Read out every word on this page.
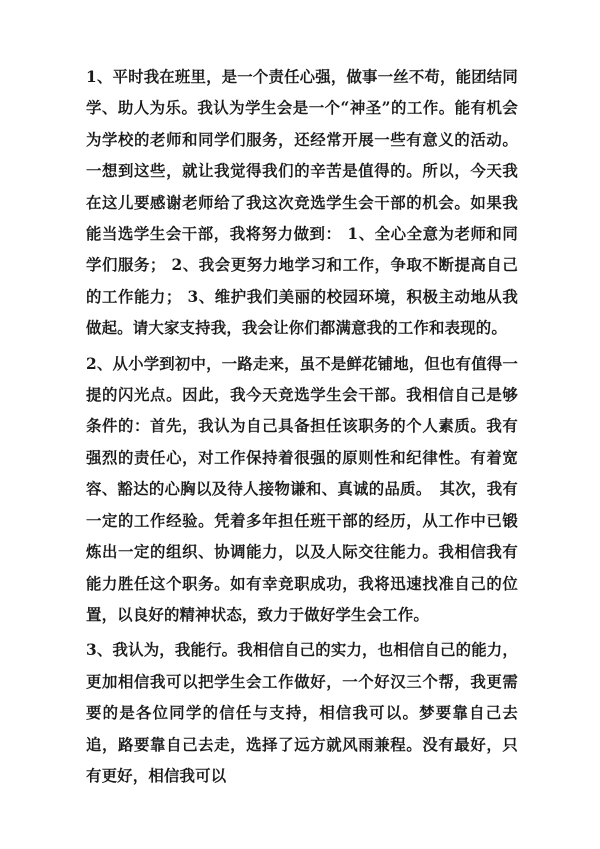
1、平时我在班里，是一个责任心强，做事一丝不苟，能团结同学、助人为乐。我认为学生会是一个“神圣”的工作。能有机会为学校的老师和同学们服务，还经常开展一些有意义的活动。一想到这些，就让我觉得我们的辛苦是值得的。所以，今天我在这儿要感谢老师给了我这次竞选学生会干部的机会。如果我能当选学生会干部，我将努力做到： 1、全心全意为老师和同学们服务； 2、我会更努力地学习和工作，争取不断提高自己的工作能力； 3、维护我们美丽的校园环境，积极主动地从我做起。请大家支持我，我会让你们都满意我的工作和表现的。

2、从小学到初中，一路走来，虽不是鲜花铺地，但也有值得一提的闪光点。因此，我今天竞选学生会干部。我相信自己是够条件的：首先，我认为自己具备担任该职务的个人素质。我有强烈的责任心，对工作保持着很强的原则性和纪律性。有着宽容、豁达的心胸以及待人接物谦和、真诚的品质。　其次，我有一定的工作经验。凭着多年担任班干部的经历，从工作中已锻炼出一定的组织、协调能力，以及人际交往能力。我相信我有能力胜任这个职务。如有幸竞职成功，我将迅速找准自己的位置，以良好的精神状态，致力于做好学生会工作。

3、我认为，我能行。我相信自己的实力，也相信自己的能力，更加相信我可以把学生会工作做好，一个好汉三个帮，我更需要的是各位同学的信任与支持，相信我可以。梦要靠自己去追，路要靠自己去走，选择了远方就风雨兼程。没有最好，只有更好，相信我可以
